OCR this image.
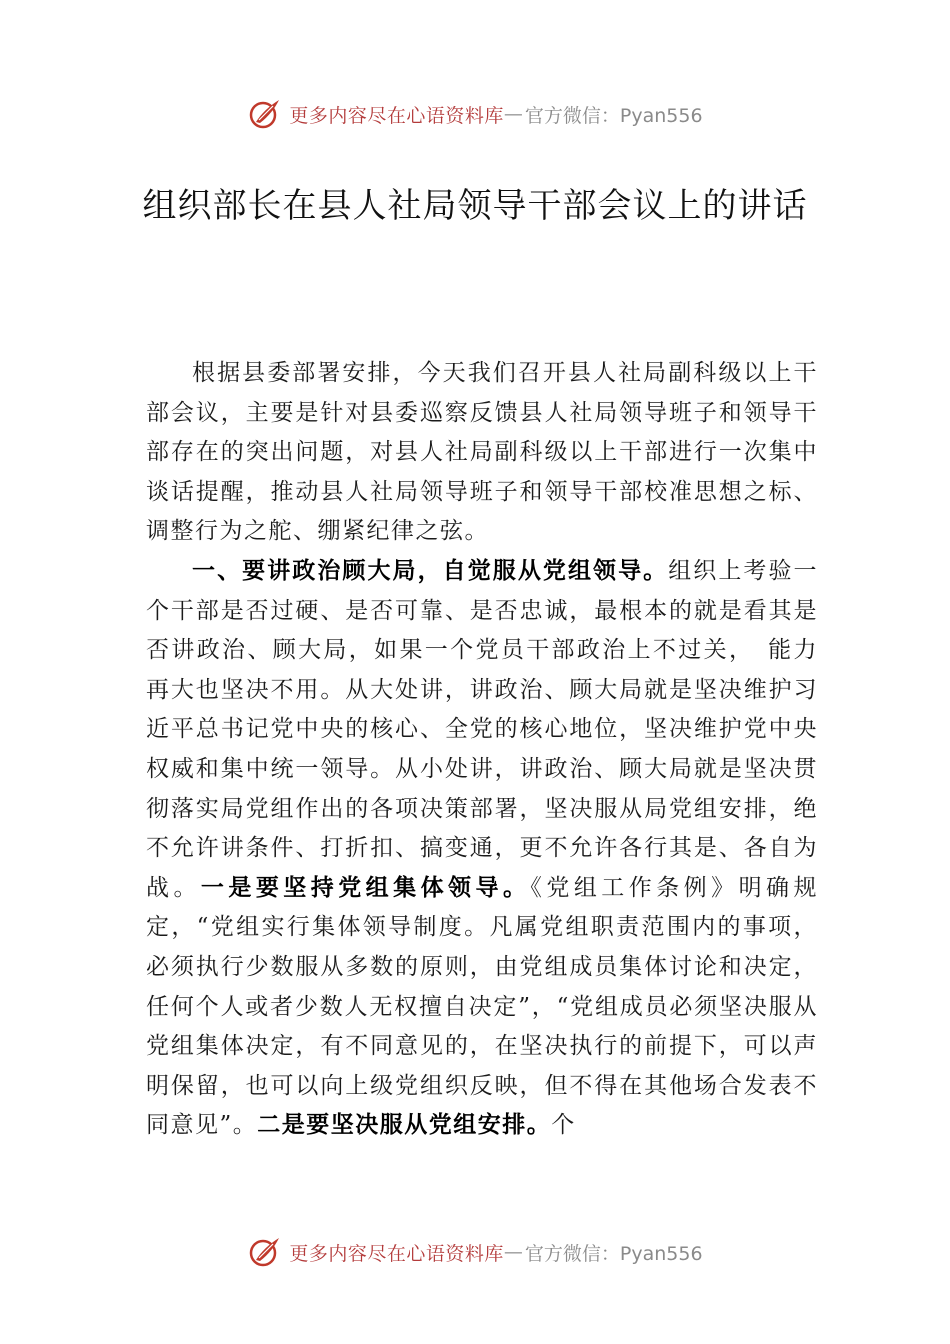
更多内容尽在心语资料库 — 官方微信：Pyan556
组织部长在县人社局领导干部会议上的讲话

根据县委部署安排，今天我们召开县人社局副科级以上干部会议，主要是针对县委巡察反馈县人社局领导班子和领导干部存在的突出问题，对县人社局副科级以上干部进行一次集中谈话提醒，推动县人社局领导班子和领导干部校准思想之标、调整行为之舵、绷紧纪律之弦。

一、要讲政治顾大局，自觉服从党组领导。组织上考验一个干部是否过硬、是否可靠、是否忠诚，最根本的就是看其是否讲政治、顾大局，如果一个党员干部政治上不过关，　能力再大也坚决不用。从大处讲，讲政治、顾大局就是坚决维护习近平总书记党中央的核心、全党的核心地位，坚决维护党中央权威和集中统一领导。从小处讲，讲政治、顾大局就是坚决贯彻落实局党组作出的各项决策部署，坚决服从局党组安排，绝不允许讲条件、打折扣、搞变通，更不允许各行其是、各自为战。一是要坚持党组集体领导。《党组工作条例》明确规定，“党组实行集体领导制度。凡属党组职责范围内的事项，必须执行少数服从多数的原则，由党组成员集体讨论和决定，任何个人或者少数人无权擅自决定”，“党组成员必须坚决服从党组集体决定，有不同意见的，在坚决执行的前提下，可以声明保留，也可以向上级党组织反映，但不得在其他场合发表不同意见”。二是要坚决服从党组安排。个

更多内容尽在心语资料库 — 官方微信：Pyan556
